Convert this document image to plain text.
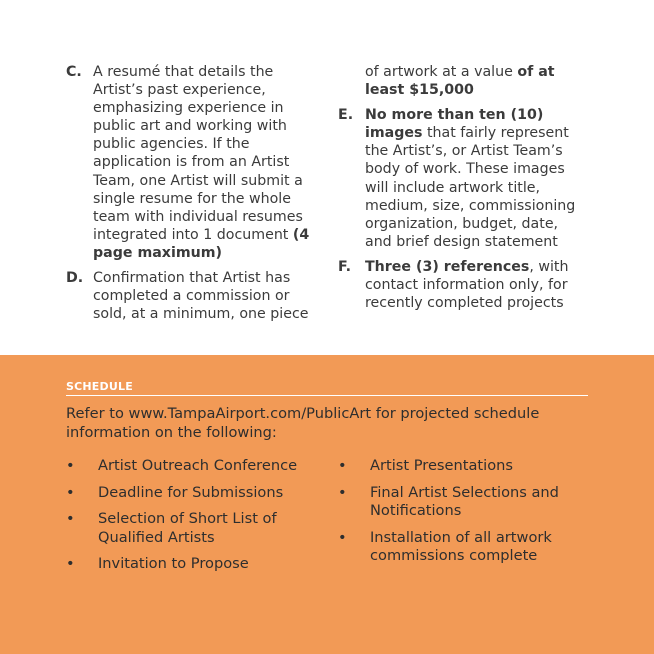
C. A resumé that details the Artist’s past experience, emphasizing experience in public art and working with public agencies. If the application is from an Artist Team, one Artist will submit a single resume for the whole team with individual resumes integrated into 1 document (4 page maximum)
D. Confirmation that Artist has completed a commission or sold, at a minimum, one piece
of artwork at a value of at least $15,000
E. No more than ten (10) images that fairly represent the Artist’s, or Artist Team’s body of work. These images will include artwork title, medium, size, commissioning organization, budget, date, and brief design statement
F. Three (3) references, with contact information only, for recently completed projects
SCHEDULE
Refer to www.TampaAirport.com/PublicArt for projected schedule information on the following:
• Artist Outreach Conference
• Deadline for Submissions
• Selection of Short List of Qualified Artists
• Invitation to Propose
• Artist Presentations
• Final Artist Selections and Notifications
• Installation of all artwork commissions complete
